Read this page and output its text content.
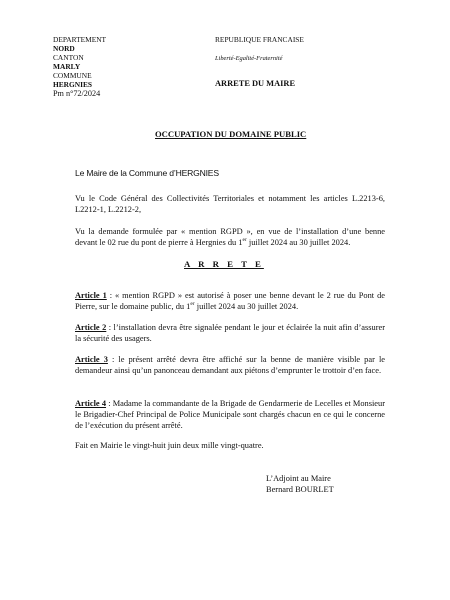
DEPARTEMENT
NORD
CANTON
MARLY
COMMUNE
HERGNIES
Pm n°72/2024
REPUBLIQUE FRANCAISE
Liberté-Egalité-Fraternité
ARRETE DU MAIRE
OCCUPATION DU DOMAINE PUBLIC
Le Maire de la Commune d’HERGNIES
Vu le Code Général des Collectivités Territoriales et notamment les articles L.2213-6, L2212-1, L.2212-2,
Vu la demande formulée par « mention RGPD », en vue de l’installation d’une benne devant le 02 rue du pont de pierre à Hergnies du 1er juillet 2024 au 30 juillet 2024.
A R R E T E
Article 1 : « mention RGPD » est autorisé à poser une benne devant le 2 rue du Pont de Pierre, sur le domaine public, du 1er juillet 2024 au 30 juillet 2024.
Article 2 : l’installation devra être signalée pendant le jour et éclairée la nuit afin d’assurer la sécurité des usagers.
Article 3 : le présent arrêté devra être affiché sur la benne de manière visible par le demandeur ainsi qu’un panonceau demandant aux piétons d’emprunter le trottoir d’en face.
Article 4 : Madame la commandante de la Brigade de Gendarmerie de Lecelles et Monsieur le Brigadier-Chef Principal de Police Municipale sont chargés chacun en ce qui le concerne de l’exécution du présent arrêté.
Fait en Mairie le vingt-huit juin deux mille vingt-quatre.
L’Adjoint au Maire
Bernard BOURLET
